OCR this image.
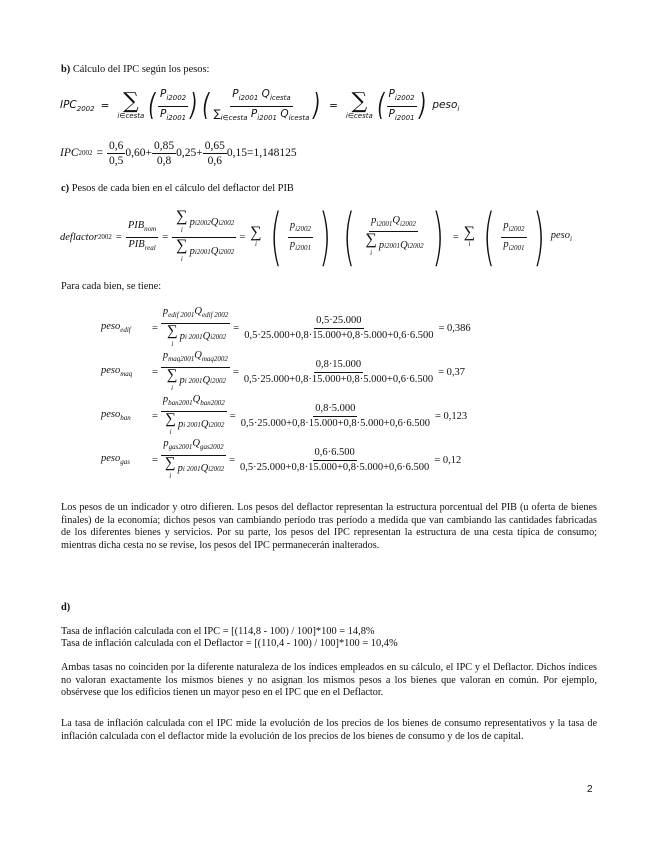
b) Cálculo del IPC según los pesos:
$IPC_{2002}$ = ∑
i∈cesta ( $\frac{P_{i2002}}{P_{i2001}}$ ) ( $\frac{P_{i2001} Q_{icesta}}{\sum_{i\in cesta} P_{i2001} Q_{icesta}}$ ) = ∑
i∈cesta ( $\frac{P_{i2002}}{P_{i2001}}$ ) peso$_i$
IPC $2002 = \frac{0,6}{0,5} 0,60+ \frac{0,85}{0,8} 0,25+ \frac{0,65}{0,6} 0,15=1,148125$
c) Pesos de cada bien en el cálculo del deflactor del PIB
deflactor $2002 = \frac{PIB_{nom}}{PIB_{real}}$ = ∑
i
p i2002 Q i2002
∑
i
p i2001 Q i2002 = ∑
i ( $\frac{p_{i2002}}{p_{i2001}}$ ) ( $p_{i2001}Q_{i2002}$
∑
i
p i2001 Q i2002 ) = ∑
i ( $\frac{p_{i2002}}{p_{i2001}}$ ) peso$_i$
Para cada bien, se tiene:
peso$_{edif}$	= $p_{edif 2001}Q_{edif 2002}$
∑
i
p i 2001 Q $i2002 = \frac{0,5\cdot 25.000}{0,5\cdot 25.000+0,8\cdot 15.000+0,8\cdot 5.000+0,6\cdot 6.500} = 0,386$
peso$_{maq}$	= $p_{maq2001}Q_{maq2002}$
∑
i
p i 2001 Q $i2002 = \frac{0,8\cdot 15.000}{0,5\cdot 25.000+0,8\cdot 15.000+0,8\cdot 5.000+0,6\cdot 6.500} = 0,37$
peso$_{ban}$	= $p_{ban2001}Q_{ban2002}$
∑
i
p i 2001 Q $i2002 = \frac{0,8\cdot 5.000}{0,5\cdot 25.000+0,8\cdot 15.000+0,8\cdot 5.000+0,6\cdot 6.500} = 0,123$
peso$_{gas}$	= $p_{gas2001}Q_{gas2002}$
∑
i
p i 2001 Q $i2002 = \frac{0,6\cdot 6.500}{0,5\cdot 25.000+0,8\cdot 15.000+0,8\cdot 5.000+0,6\cdot 6.500} = 0,12$
Los pesos de un indicador y otro difieren. Los pesos del deflactor representan la estructura porcentual del PIB (u oferta de bienes finales) de la economía; dichos pesos van cambiando período tras período a medida que van cambiando las cantidades fabricadas de los diferentes bienes y servicios. Por su parte, los pesos del IPC representan la estructura de una cesta típica de consumo; mientras dicha cesta no se revise, los pesos del IPC permanecerán inalterados.
d)
Tasa de inflación calculada con el IPC = [(114,8 - 100) / 100]*100 = 14,8%
Tasa de inflación calculada con el Deflactor = [(110,4 - 100) / 100]*100 = 10,4%
Ambas tasas no coinciden por la diferente naturaleza de los índices empleados en su cálculo, el IPC y el Deflactor. Dichos índices no valoran exactamente los mismos bienes y no asignan los mismos pesos a los bienes que valoran en común. Por ejemplo, obsérvese que los edificios tienen un mayor peso en el IPC que en el Deflactor.
La tasa de inflación calculada con el IPC mide la evolución de los precios de los bienes de consumo representativos y la tasa de inflación calculada con el deflactor mide la evolución de los precios de los bienes de consumo y de los de capital.
2
